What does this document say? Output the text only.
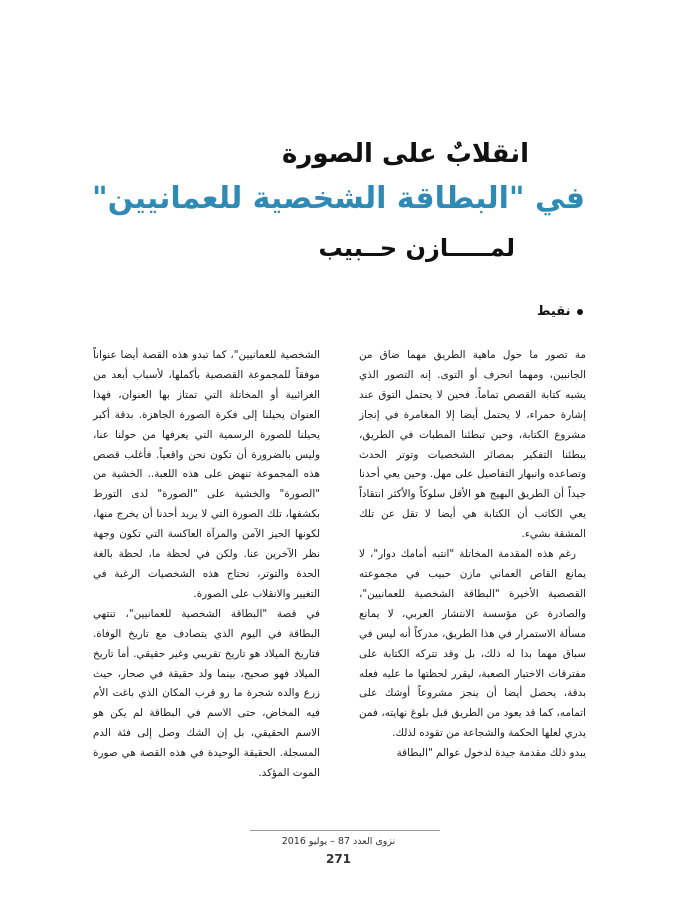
انقلابٌ على الصورة
في "البطاقة الشخصية للعمانيين"
لمـــــازن حــبيب
نقيط

مة تصور ما حول ماهية الطريق مهما ضاق من الجانبين، ومهما انحرف أو التوى. إنه التصور الذي يشبه كتابة القصص تماماً. فحين لا يحتمل التوق عند إشارة حمراء، لا يحتمل أيضا إلا المغامرة في إنجاز مشروع الكتابة، وحين تبطئنا المطبات في الطريق، يبطئنا التفكير بمصائر الشخصيات وتوتر الحدث وتصاعده وانبهار التفاصيل على مهل. وحين يعي أحدنا جيداً أن الطريق البهيج هو الأقل سلوكاً والأكثر انتقاداً يعي الكاتب أن الكتابة هي أيضا لا تقل عن تلك المشقة بشيء.

رغم هذه المقدمة المخاتلة "انتبه أمامك دوار"، لا يمانع القاص العماني مازن حبيب في مجموعته القصصية الأخيرة "البطاقة الشخصية للعمانيين"، والصادرة عن مؤسسة الانتشار العربي، لا يمانع مسألة الاستمرار في هذا الطريق، مدركاً أنه ليس في سباق مهما بدا له ذلك، بل وقد تتركه الكتابة على مفترقات الاختيار الصعبة، ليقرر لحظتها ما عليه فعله بدقة، يحصل أيضا أن ينجز مشروعاً أوشك على اتمامه، كما قد يعود من الطريق قبل بلوغ نهايته، فمن يدري لعلها الحكمة والشجاعة من تقوده لذلك.

يبدو ذلك مقدمة جيدة لدخول عوالم "البطاقة

الشخصية للعمانيين"، كما تبدو هذه القصة أيضا عنواناً موفقاً للمجموعة القصصية بأكملها، لأسباب أبعد من الغرائبية أو المخاتلة التي تمتاز بها العنوان، فهذا العنوان يحيلنا إلى فكرة الصورة الجاهزة. بدقة أكبر يحيلنا للصورة الرسمية التي يعرفها من حولنا عنا، وليس بالضرورة أن تكون نحن واقعياً. فأغلب قصص هذه المجموعة تنهض على هذه اللعبة.. الخشية من "الصورة" والخشية على "الصورة" لدى التورط بكشفها، تلك الصورة التي لا يريد أحدنا أن يخرج منها، لكونها الحيز الآمن والمرآة العاكسة التي تكون وجهة نظر الآخرين عنا. ولكن في لحظة ما، لحظة بالغة الحدة والتوتر، تحتاج هذه الشخصيات الرغبة في التغيير والانقلاب على الصورة.

في قصة "البطاقة الشخصية للعمانيين"، تنتهي البطاقة في اليوم الذي يتصادف مع تاريخ الوفاة. فتاريخ الميلاد هو تاريخ تقريبي وغير حقيقي. أما تاريخ الميلاد فهو صحيح، بينما ولد حقيقة في صحار، حيث زرع والده شجرة ما رو قرب المكان الذي باغت الأم فيه المخاض، حتى الاسم في البطاقة لم يكن هو الاسم الحقيقي، بل إن الشك وصل إلى فئة الدم المسجلة. الحقيقة الوحيدة في هذه القصة هي صورة الموت المؤكد.

نزوى العدد 87 – يوليو 2016
271
